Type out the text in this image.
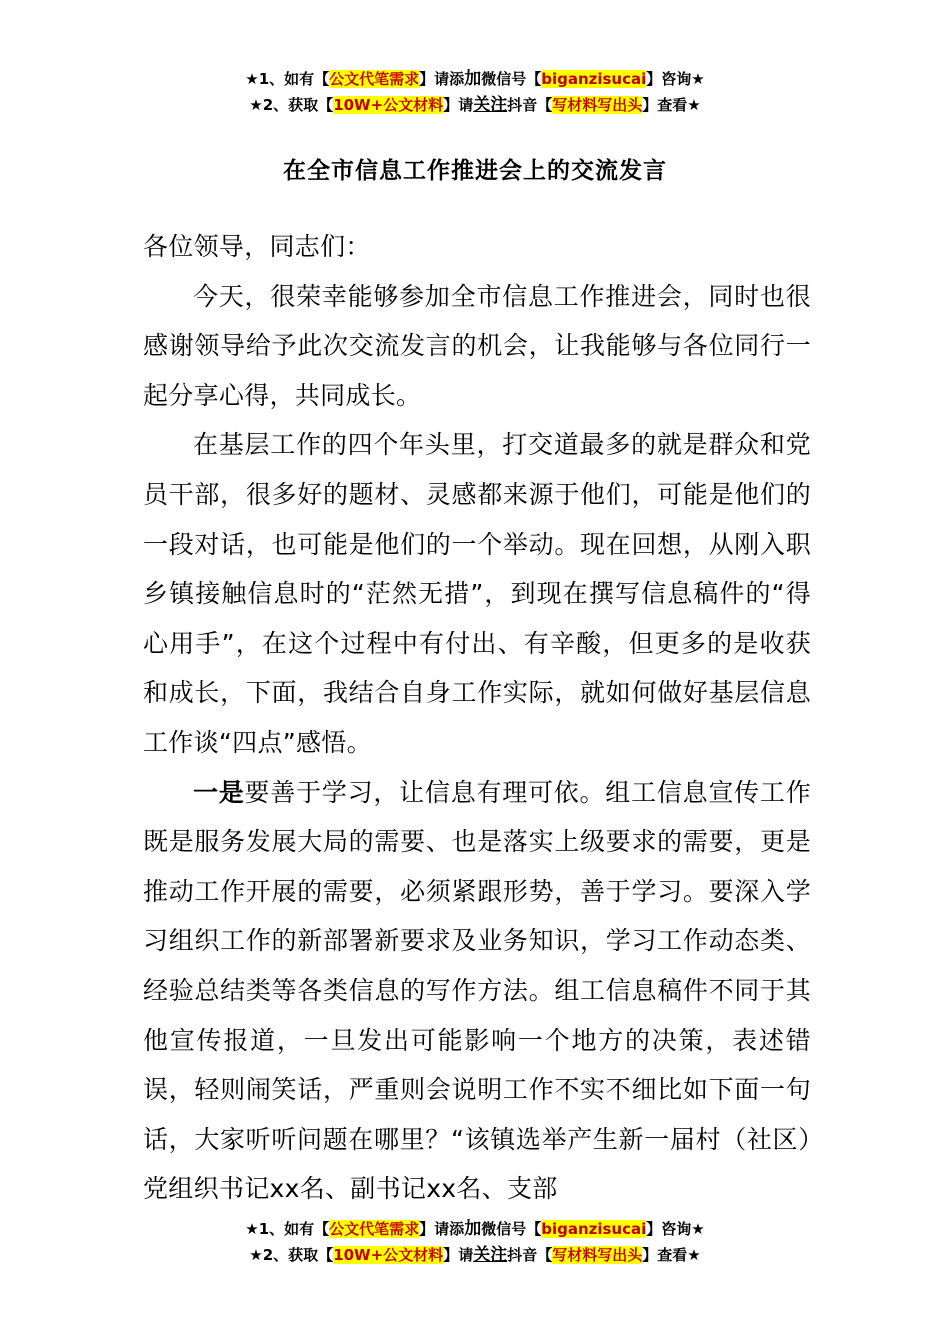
★1、如有【公文代笔需求】请添加微信号【biganzisucai】咨询★
★2、获取【10W+公文材料】请关注抖音【写材料写出头】查看★
在全市信息工作推进会上的交流发言

各位领导，同志们：

今天，很荣幸能够参加全市信息工作推进会，同时也很感谢领导给予此次交流发言的机会，让我能够与各位同行一起分享心得，共同成长。

在基层工作的四个年头里，打交道最多的就是群众和党员干部，很多好的题材、灵感都来源于他们，可能是他们的一段对话，也可能是他们的一个举动。现在回想，从刚入职乡镇接触信息时的“茫然无措”，到现在撰写信息稿件的“得心用手”，在这个过程中有付出、有辛酸，但更多的是收获和成长，下面，我结合自身工作实际，就如何做好基层信息工作谈“四点”感悟。

一是要善于学习，让信息有理可依。组工信息宣传工作既是服务发展大局的需要、也是落实上级要求的需要，更是推动工作开展的需要，必须紧跟形势，善于学习。要深入学习组织工作的新部署新要求及业务知识，学习工作动态类、经验总结类等各类信息的写作方法。组工信息稿件不同于其他宣传报道，一旦发出可能影响一个地方的决策，表述错误，轻则闹笑话，严重则会说明工作不实不细比如下面一句话，大家听听问题在哪里？“该镇选举产生新一届村（社区）党组织书记xx名、副书记xx名、支部

★1、如有【公文代笔需求】请添加微信号【biganzisucai】咨询★
★2、获取【10W+公文材料】请关注抖音【写材料写出头】查看★
